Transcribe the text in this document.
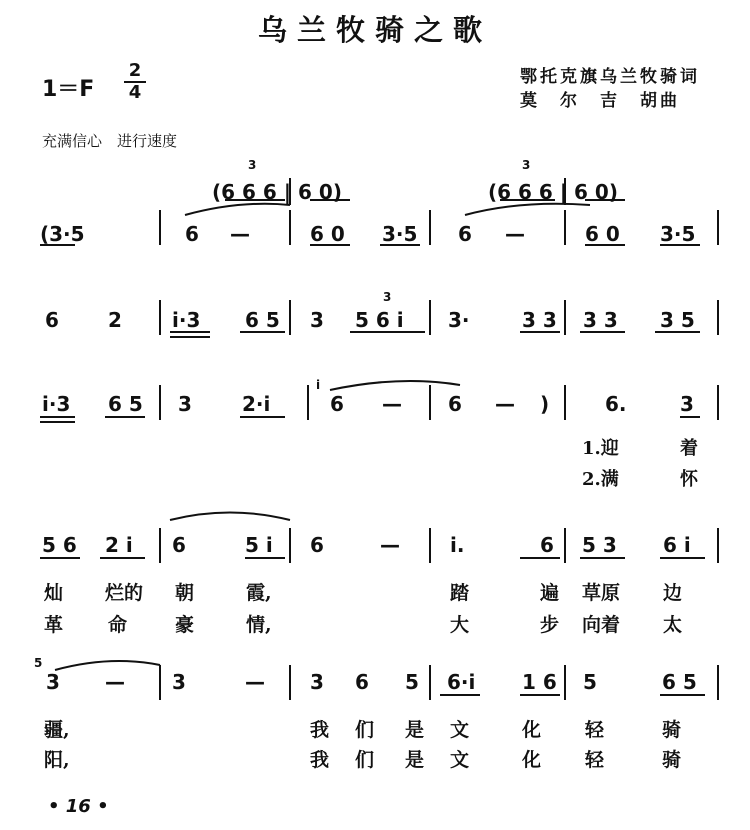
乌兰牧骑之歌
1＝F
2
4
鄂托克旗乌兰牧骑词
莫　尔　吉　胡曲
充满信心　进行速度
(6 6 6 | 6 0)	(6 6 6 | 6 0)
3	3
(3·5	6 —	6 0 3·5 6 —	6 0 3·5
3
6 2	i·3 6 5 3 5 6 i 3·	3 3 3 3 3 5
i·3 6 5 3	2·i
i
6 — 6 — )	6.	3
1.迎	着
2.满	怀
5 6 2 i 6	5 i 6	—	i.	6 5 3 6 i
灿 烂的 朝	霞,	踏	遍 草原 边
革 命	豪	情,	大	步 向着 太
5
3 — 3	— 3 6 5 6·i 1 6 5	6 5
疆,	我 们 是 文	化 轻	骑
阳,	我 们 是 文	化 轻	骑
• 16 •
